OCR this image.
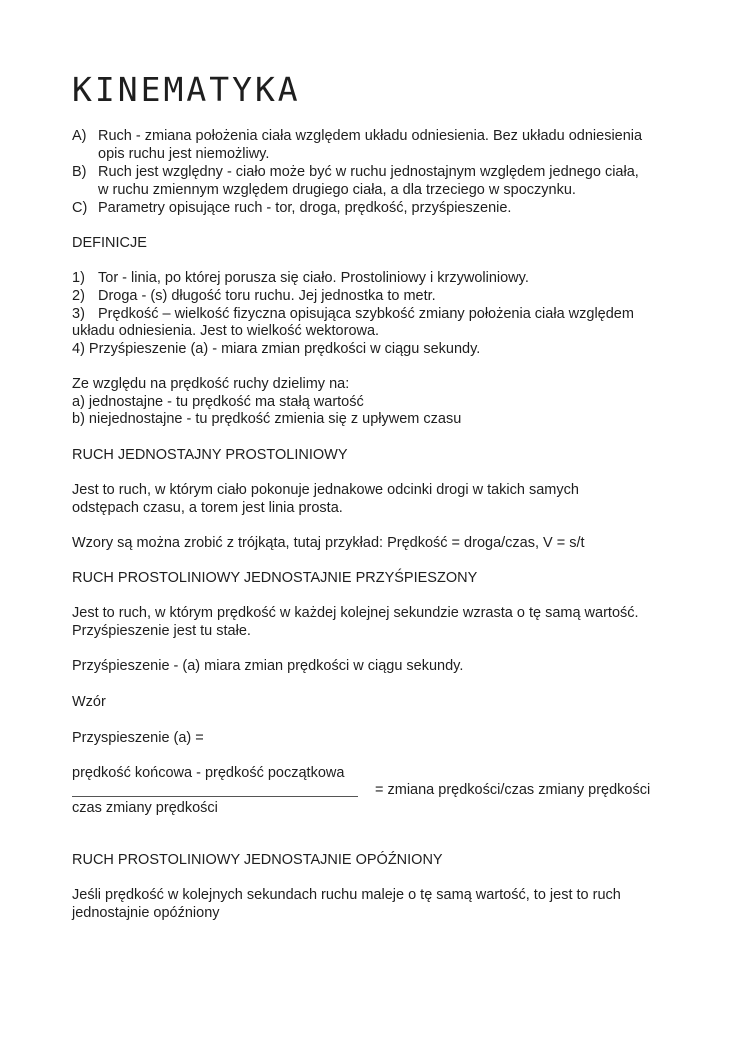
KINEMATYKA
A) Ruch - zmiana położenia ciała względem układu odniesienia. Bez układu odniesienia
opis ruchu jest niemożliwy.
B) Ruch jest względny - ciało może być w ruchu jednostajnym względem jednego ciała,
w ruchu zmiennym względem drugiego ciała, a dla trzeciego w spoczynku.
C) Parametry opisujące ruch - tor, droga, prędkość, przyśpieszenie.
DEFINICJE
1) Tor - linia, po której porusza się ciało. Prostoliniowy i krzywoliniowy.
2) Droga - (s) długość toru ruchu. Jej jednostka to metr.
3) Prędkość – wielkość fizyczna opisująca szybkość zmiany położenia ciała względem
układu odniesienia. Jest to wielkość wektorowa.
4) Przyśpieszenie (a) - miara zmian prędkości w ciągu sekundy.
Ze względu na prędkość ruchy dzielimy na:
a) jednostajne - tu prędkość ma stałą wartość
b) niejednostajne - tu prędkość zmienia się z upływem czasu
RUCH JEDNOSTAJNY PROSTOLINIOWY
Jest to ruch, w którym ciało pokonuje jednakowe odcinki drogi w takich samych
odstępach czasu, a torem jest linia prosta.
Wzory są można zrobić z trójkąta, tutaj przykład: Prędkość = droga/czas, V = s/t
RUCH PROSTOLINIOWY JEDNOSTAJNIE PRZYŚPIESZONY
Jest to ruch, w którym prędkość w każdej kolejnej sekundzie wzrasta o tę samą wartość.
Przyśpieszenie jest tu stałe.
Przyśpieszenie - (a) miara zmian prędkości w ciągu sekundy.
Wzór
Przyspieszenie (a) =
prędkość końcowa - prędkość początkowa
= zmiana prędkości/czas zmiany prędkości
czas zmiany prędkości
RUCH PROSTOLINIOWY JEDNOSTAJNIE OPÓŹNIONY
Jeśli prędkość w kolejnych sekundach ruchu maleje o tę samą wartość, to jest to ruch
jednostajnie opóźniony
